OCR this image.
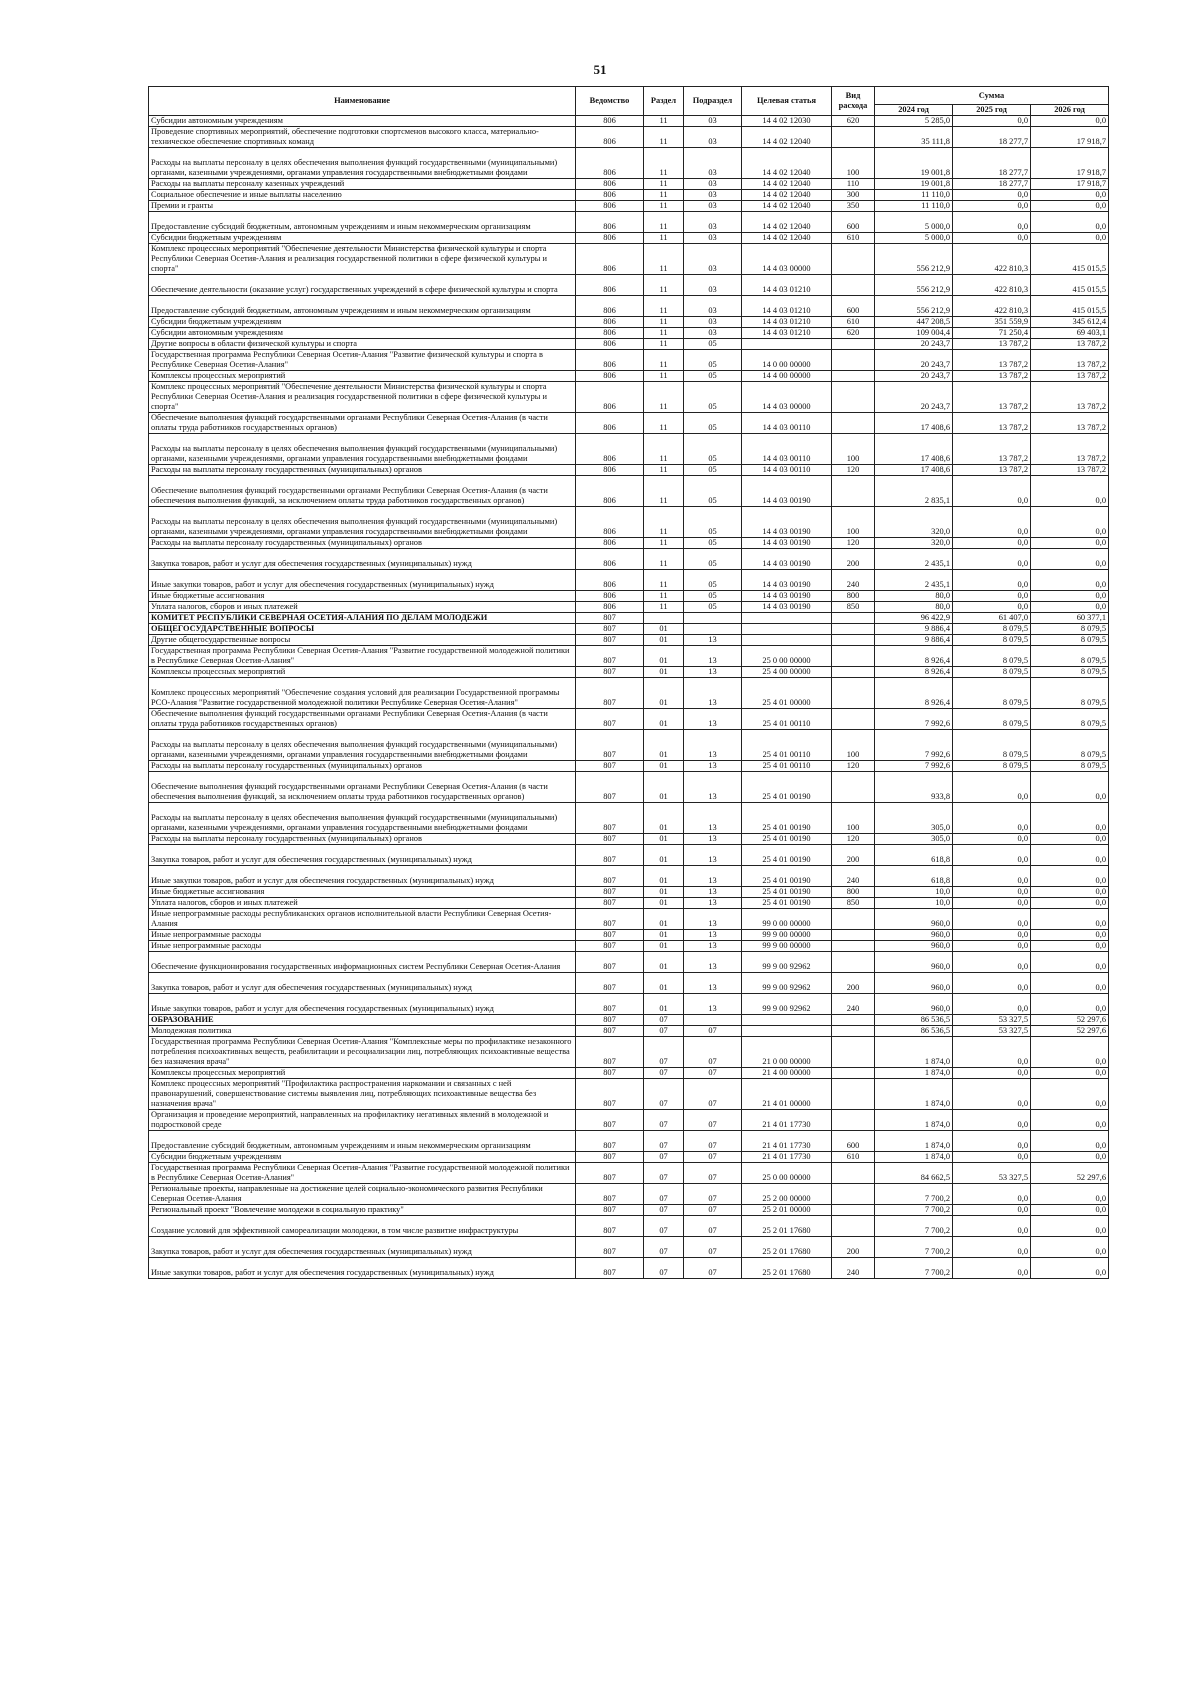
51
Наименование	Ведомство	Раздел	Подраздел	Целевая статья	Вид расхода	Сумма		
						2024 год	2025 год	2026 год
Субсидии автономным учреждениям	806	11	03	14 4 02 12030	620	5 285,0	0,0	0,0
Проведение спортивных мероприятий, обеспечение подготовки спортсменов высокого класса, материально-техническое обеспечение спортивных команд	806	11	03	14 4 02 12040		35 111,8	18 277,7	17 918,7
Расходы на выплаты персоналу в целях обеспечения выполнения функций государственными (муниципальными) органами, казенными учреждениями, органами управления государственными внебюджетными фондами	806	11	03	14 4 02 12040	100	19 001,8	18 277,7	17 918,7
Расходы на выплаты персоналу казенных учреждений	806	11	03	14 4 02 12040	110	19 001,8	18 277,7	17 918,7
Социальное обеспечение и иные выплаты населению	806	11	03	14 4 02 12040	300	11 110,0	0,0	0,0
Премии и гранты	806	11	03	14 4 02 12040	350	11 110,0	0,0	0,0
Предоставление субсидий бюджетным, автономным учреждениям и иным некоммерческим организациям	806	11	03	14 4 02 12040	600	5 000,0	0,0	0,0
Субсидии бюджетным учреждениям	806	11	03	14 4 02 12040	610	5 000,0	0,0	0,0
Комплекс процессных мероприятий "Обеспечение деятельности Министерства физической культуры и спорта Республики Северная Осетия-Алания и реализация государственной политики в сфере физической культуры и спорта"	806	11	03	14 4 03 00000		556 212,9	422 810,3	415 015,5
Обеспечение деятельности (оказание услуг) государственных учреждений в сфере физической культуры и спорта	806	11	03	14 4 03 01210		556 212,9	422 810,3	415 015,5
Предоставление субсидий бюджетным, автономным учреждениям и иным некоммерческим организациям	806	11	03	14 4 03 01210	600	556 212,9	422 810,3	415 015,5
Субсидии бюджетным учреждениям	806	11	03	14 4 03 01210	610	447 208,5	351 559,9	345 612,4
Субсидии автономным учреждениям	806	11	03	14 4 03 01210	620	109 004,4	71 250,4	69 403,1
Другие вопросы в области физической культуры и спорта	806	11	05			20 243,7	13 787,2	13 787,2
Государственная программа Республики Северная Осетия-Алания "Развитие физической культуры и спорта в Республике Северная Осетия-Алания"	806	11	05	14 0 00 00000		20 243,7	13 787,2	13 787,2
Комплексы процессных мероприятий	806	11	05	14 4 00 00000		20 243,7	13 787,2	13 787,2
Комплекс процессных мероприятий "Обеспечение деятельности Министерства физической культуры и спорта Республики Северная Осетия-Алания и реализация государственной политики в сфере физической культуры и спорта"	806	11	05	14 4 03 00000		20 243,7	13 787,2	13 787,2
Обеспечение выполнения функций государственными органами Республики Северная Осетия-Алания (в части оплаты труда работников государственных органов)	806	11	05	14 4 03 00110		17 408,6	13 787,2	13 787,2
Расходы на выплаты персоналу в целях обеспечения выполнения функций государственными (муниципальными) органами, казенными учреждениями, органами управления государственными внебюджетными фондами	806	11	05	14 4 03 00110	100	17 408,6	13 787,2	13 787,2
Расходы на выплаты персоналу государственных (муниципальных) органов	806	11	05	14 4 03 00110	120	17 408,6	13 787,2	13 787,2
Обеспечение выполнения функций государственными органами Республики Северная Осетия-Алания (в части обеспечения выполнения функций, за исключением оплаты труда работников государственных органов)	806	11	05	14 4 03 00190		2 835,1	0,0	0,0
Расходы на выплаты персоналу в целях обеспечения выполнения функций государственными (муниципальными) органами, казенными учреждениями, органами управления государственными внебюджетными фондами	806	11	05	14 4 03 00190	100	320,0	0,0	0,0
Расходы на выплаты персоналу государственных (муниципальных) органов	806	11	05	14 4 03 00190	120	320,0	0,0	0,0
Закупка товаров, работ и услуг для обеспечения государственных (муниципальных) нужд	806	11	05	14 4 03 00190	200	2 435,1	0,0	0,0
Иные закупки товаров, работ и услуг для обеспечения государственных (муниципальных) нужд	806	11	05	14 4 03 00190	240	2 435,1	0,0	0,0
Иные бюджетные ассигнования	806	11	05	14 4 03 00190	800	80,0	0,0	0,0
Уплата налогов, сборов и иных платежей	806	11	05	14 4 03 00190	850	80,0	0,0	0,0
КОМИТЕТ РЕСПУБЛИКИ СЕВЕРНАЯ ОСЕТИЯ-АЛАНИЯ ПО ДЕЛАМ МОЛОДЕЖИ	807					96 422,9	61 407,0	60 377,1
ОБЩЕГОСУДАРСТВЕННЫЕ ВОПРОСЫ	807	01				9 886,4	8 079,5	8 079,5
Другие общегосударственные вопросы	807	01	13			9 886,4	8 079,5	8 079,5
Государственная программа Республики Северная Осетия-Алания "Развитие государственной молодежной политики в Республике Северная Осетия-Алания"	807	01	13	25 0 00 00000		8 926,4	8 079,5	8 079,5
Комплексы процессных мероприятий	807	01	13	25 4 00 00000		8 926,4	8 079,5	8 079,5
Комплекс процессных мероприятий "Обеспечение создания условий для реализации Государственной программы РСО-Алания "Развитие государственной молодежной политики Республике Северная Осетия-Алания"	807	01	13	25 4 01 00000		8 926,4	8 079,5	8 079,5
Обеспечение выполнения функций государственными органами Республики Северная Осетия-Алания (в части оплаты труда работников государственных органов)	807	01	13	25 4 01 00110		7 992,6	8 079,5	8 079,5
Расходы на выплаты персоналу в целях обеспечения выполнения функций государственными (муниципальными) органами, казенными учреждениями, органами управления государственными внебюджетными фондами	807	01	13	25 4 01 00110	100	7 992,6	8 079,5	8 079,5
Расходы на выплаты персоналу государственных (муниципальных) органов	807	01	13	25 4 01 00110	120	7 992,6	8 079,5	8 079,5
Обеспечение выполнения функций государственными органами Республики Северная Осетия-Алания (в части обеспечения выполнения функций, за исключением оплаты труда работников государственных органов)	807	01	13	25 4 01 00190		933,8	0,0	0,0
Расходы на выплаты персоналу в целях обеспечения выполнения функций государственными (муниципальными) органами, казенными учреждениями, органами управления государственными внебюджетными фондами	807	01	13	25 4 01 00190	100	305,0	0,0	0,0
Расходы на выплаты персоналу государственных (муниципальных) органов	807	01	13	25 4 01 00190	120	305,0	0,0	0,0
Закупка товаров, работ и услуг для обеспечения государственных (муниципальных) нужд	807	01	13	25 4 01 00190	200	618,8	0,0	0,0
Иные закупки товаров, работ и услуг для обеспечения государственных (муниципальных) нужд	807	01	13	25 4 01 00190	240	618,8	0,0	0,0
Иные бюджетные ассигнования	807	01	13	25 4 01 00190	800	10,0	0,0	0,0
Уплата налогов, сборов и иных платежей	807	01	13	25 4 01 00190	850	10,0	0,0	0,0
Иные непрограммные расходы республиканских органов исполнительной власти Республики Северная Осетия-Алания	807	01	13	99 0 00 00000		960,0	0,0	0,0
Иные непрограммные расходы	807	01	13	99 9 00 00000		960,0	0,0	0,0
Иные непрограммные расходы	807	01	13	99 9 00 00000		960,0	0,0	0,0
Обеспечение функционирования государственных информационных систем Республики Северная Осетия-Алания	807	01	13	99 9 00 92962		960,0	0,0	0,0
Закупка товаров, работ и услуг для обеспечения государственных (муниципальных) нужд	807	01	13	99 9 00 92962	200	960,0	0,0	0,0
Иные закупки товаров, работ и услуг для обеспечения государственных (муниципальных) нужд	807	01	13	99 9 00 92962	240	960,0	0,0	0,0
ОБРАЗОВАНИЕ	807	07				86 536,5	53 327,5	52 297,6
Молодежная политика	807	07	07			86 536,5	53 327,5	52 297,6
Государственная программа Республики Северная Осетия-Алания "Комплексные меры по профилактике незаконного потребления психоактивных веществ, реабилитации и ресоциализации лиц, потребляющих психоактивные вещества без назначения врача"	807	07	07	21 0 00 00000		1 874,0	0,0	0,0
Комплексы процессных мероприятий	807	07	07	21 4 00 00000		1 874,0	0,0	0,0
Комплекс процессных мероприятий "Профилактика распространения наркомании и связанных с ней правонарушений, совершенствование системы выявления лиц, потребляющих психоактивные вещества без назначения врача"	807	07	07	21 4 01 00000		1 874,0	0,0	0,0
Организация и проведение мероприятий, направленных на профилактику негативных явлений в молодежной и подростковой среде	807	07	07	21 4 01 17730		1 874,0	0,0	0,0
Предоставление субсидий бюджетным, автономным учреждениям и иным некоммерческим организациям	807	07	07	21 4 01 17730	600	1 874,0	0,0	0,0
Субсидии бюджетным учреждениям	807	07	07	21 4 01 17730	610	1 874,0	0,0	0,0
Государственная программа Республики Северная Осетия-Алания "Развитие государственной молодежной политики в Республике Северная Осетия-Алания"	807	07	07	25 0 00 00000		84 662,5	53 327,5	52 297,6
Региональные проекты, направленные на достижение целей социально-экономического развития Республики Северная Осетия-Алания	807	07	07	25 2 00 00000		7 700,2	0,0	0,0
Региональный проект "Вовлечение молодежи в социальную практику"	807	07	07	25 2 01 00000		7 700,2	0,0	0,0
Создание условий для эффективной самореализации молодежи, в том числе развитие инфраструктуры	807	07	07	25 2 01 17680		7 700,2	0,0	0,0
Закупка товаров, работ и услуг для обеспечения государственных (муниципальных) нужд	807	07	07	25 2 01 17680	200	7 700,2	0,0	0,0
Иные закупки товаров, работ и услуг для обеспечения государственных (муниципальных) нужд	807	07	07	25 2 01 17680	240	7 700,2	0,0	0,0
